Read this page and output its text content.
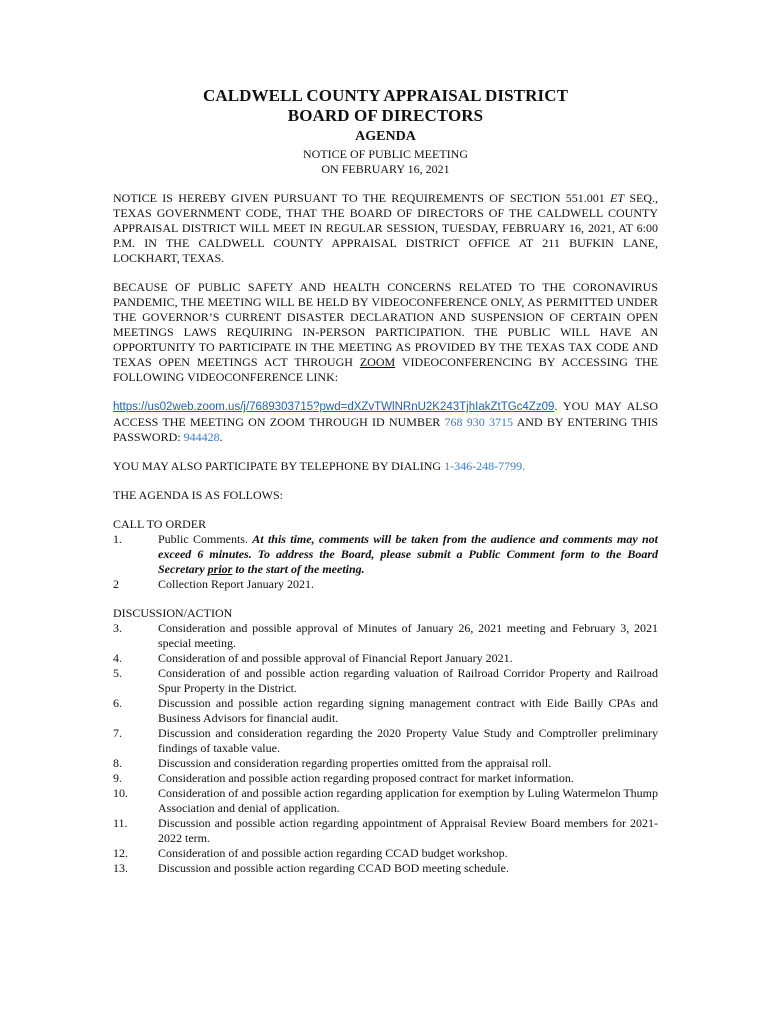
CALDWELL COUNTY APPRAISAL DISTRICT
BOARD OF DIRECTORS
AGENDA
NOTICE OF PUBLIC MEETING
ON FEBRUARY 16, 2021

NOTICE IS HEREBY GIVEN PURSUANT TO THE REQUIREMENTS OF SECTION 551.001 ET SEQ., TEXAS GOVERNMENT CODE, THAT THE BOARD OF DIRECTORS OF THE CALDWELL COUNTY APPRAISAL DISTRICT WILL MEET IN REGULAR SESSION, TUESDAY, FEBRUARY 16, 2021, AT 6:00 P.M. IN THE CALDWELL COUNTY APPRAISAL DISTRICT OFFICE AT 211 BUFKIN LANE, LOCKHART, TEXAS.

BECAUSE OF PUBLIC SAFETY AND HEALTH CONCERNS RELATED TO THE CORONAVIRUS PANDEMIC, THE MEETING WILL BE HELD BY VIDEOCONFERENCE ONLY, AS PERMITTED UNDER THE GOVERNOR’S CURRENT DISASTER DECLARATION AND SUSPENSION OF CERTAIN OPEN MEETINGS LAWS REQUIRING IN-PERSON PARTICIPATION. THE PUBLIC WILL HAVE AN OPPORTUNITY TO PARTICIPATE IN THE MEETING AS PROVIDED BY THE TEXAS TAX CODE AND TEXAS OPEN MEETINGS ACT THROUGH ZOOM VIDEOCONFERENCING BY ACCESSING THE FOLLOWING VIDEOCONFERENCE LINK:

https://us02web.zoom.us/j/7689303715?pwd=dXZvTWlNRnU2K243TjhIakZtTGc4Zz09. YOU MAY ALSO ACCESS THE MEETING ON ZOOM THROUGH ID NUMBER 768 930 3715 AND BY ENTERING THIS PASSWORD: 944428.

YOU MAY ALSO PARTICIPATE BY TELEPHONE BY DIALING 1-346-248-7799.

THE AGENDA IS AS FOLLOWS:

CALL TO ORDER
1.	Public Comments. At this time, comments will be taken from the audience and comments may not exceed 6 minutes. To address the Board, please submit a Public Comment form to the Board Secretary prior to the start of the meeting.
2	Collection Report January 2021.
DISCUSSION/ACTION
3.	Consideration and possible approval of Minutes of January 26, 2021 meeting and February 3, 2021 special meeting.
4.	Consideration of and possible approval of Financial Report January 2021.
5.	Consideration of and possible action regarding valuation of Railroad Corridor Property and Railroad Spur Property in the District.
6.	Discussion and possible action regarding signing management contract with Eide Bailly CPAs and Business Advisors for financial audit.
7.	Discussion and consideration regarding the 2020 Property Value Study and Comptroller preliminary findings of taxable value.
8.	Discussion and consideration regarding properties omitted from the appraisal roll.
9.	Consideration and possible action regarding proposed contract for market information.
10.	Consideration of and possible action regarding application for exemption by Luling Watermelon Thump Association and denial of application.
11.	Discussion and possible action regarding appointment of Appraisal Review Board members for 2021-2022 term.
12.	Consideration of and possible action regarding CCAD budget workshop.
13.	Discussion and possible action regarding CCAD BOD meeting schedule.
